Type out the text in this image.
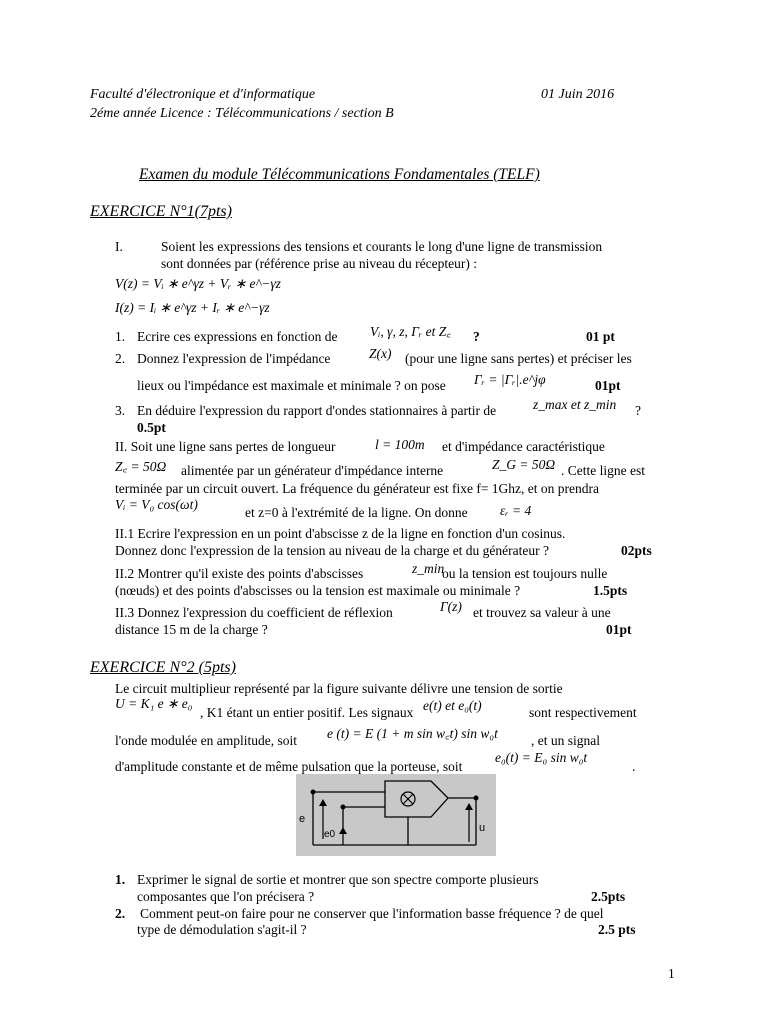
Faculté d'électronique et d'informatique	01 Juin 2016
2éme année Licence : Télécommunications / section B
Examen du module Télécommunications Fondamentales (TELF)
EXERCICE N°1(7pts)
I.	Soient les expressions des tensions et courants le long d'une ligne de transmission
sont données par (référence prise au niveau du récepteur) :
V(z) = Vᵢ ∗ e^γz + Vᵣ ∗ e^−γz
I(z) = Iᵢ ∗ e^γz + Iᵣ ∗ e^−γz
1. Ecrire ces expressions en fonction de Vᵢ, γ, z, Γᵣ et Z꜀ ?	01 pt
2. Donnez l'expression de l'impédance	Z(x) (pour une ligne sans pertes) et préciser les
lieux ou l'impédance est maximale et minimale ? on pose Γᵣ = |Γᵣ|.e^jφ	01pt
3. En déduire l'expression du rapport d'ondes stationnaires à partir de	z_max et z_min ?
0.5pt
II. Soit une ligne sans pertes de longueur	l = 100m et d'impédance caractéristique
Z꜀ = 50Ω alimentée par un générateur d'impédance interne	Z_G = 50Ω . Cette ligne est
terminée par un circuit ouvert. La fréquence du générateur est fixe f= 1Ghz, et on prendra
Vᵢ = V₀ cos(ωt)
et z=0 à l'extrémité de la ligne. On donne εᵣ = 4
II.1 Ecrire l'expression en un point d'abscisse z de la ligne en fonction d'un cosinus.
Donnez donc l'expression de la tension au niveau de la charge et du générateur ?	02pts
II.2 Montrer qu'il existe des points d'abscisses	z_min
ou la tension est toujours nulle
(nœuds) et des points d'abscisses ou la tension est maximale ou minimale ?	1.5pts
II.3 Donnez l'expression du coefficient de réflexion	Γ(z) et trouvez sa valeur à une
distance 15 m de la charge ?	01pt
EXERCICE N°2 (5pts)
Le circuit multiplieur représenté par la figure suivante délivre une tension de sortie
U = K₁ e ∗ e₀
, K1 étant un entier positif. Les signaux e(t) et e₀(t)	sont respectivement
l'onde modulée en amplitude, soit e (t) = E (1 + m sin w꜀t) sin w₀t , et un signal
d'amplitude constante et de même pulsation que la porteuse, soit
e₀(t) = E₀ sin w₀t
.
e
e0
u
1. Exprimer le signal de sortie et montrer que son spectre comporte plusieurs
composantes que l'on précisera ?	2.5pts
2. Comment peut-on faire pour ne conserver que l'information basse fréquence ? de quel
type de démodulation s'agit-il ?	2.5 pts
1
